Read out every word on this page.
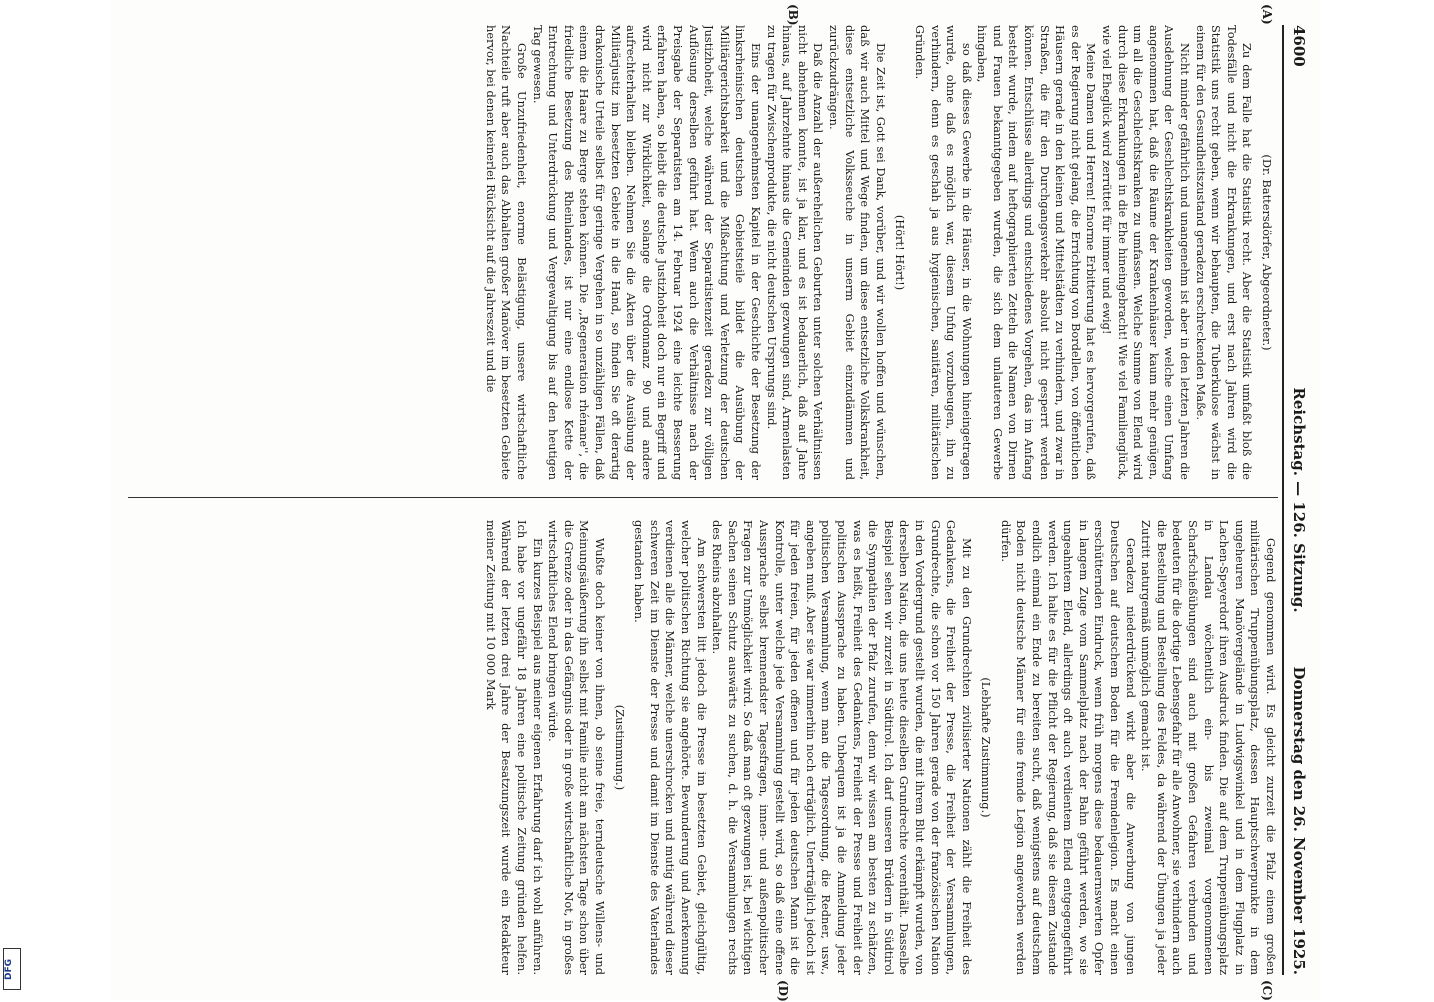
DFG
4600
Reichstag. — 126. Sitzung.
Donnerstag den 26. November 1925.
(A)
(B)
(C)
(D)

(Dr. Battersdörfer, Abgeordneter.)

Zu dem Falle hat die Statistik recht. Aber die Statistik umfaßt bloß die Todesfälle und nicht die Erkrankungen, und erst nach Jahren wird die Statistik uns recht geben, wenn wir behaupten, die Tuberkulose wächst in einem für den Gesundheitszustand geradezu erschreckenden Maße.

Nicht minder gefährlich und unangenehm ist aber in den letzten Jahren die Ausdehnung der Geschlechtskrankheiten geworden, welche einen Umfang angenommen hat, daß die Räume der Krankenhäuser kaum mehr genügen, um all die Geschlechtskranken zu umfassen. Welche Summe von Elend wird durch diese Erkrankungen in die Ehe hineingebracht! Wie viel Familienglück, wie viel Eheglück wird zerrüttet für immer und ewig!

Meine Damen und Herren! Enorme Erbitterung hat es hervorgerufen, daß es der Regierung nicht gelang, die Errichtung von Bordellen, von öffentlichen Häusern gerade in den kleinen und Mittelstädten zu verhindern, und zwar in Straßen, die für den Durchgangsverkehr absolut nicht gesperrt werden können. Entschlüsse allerdings und entschiedenes Vorgehen, das im Anfang besteht wurde, indem auf heftographierten Zetteln die Namen von Dirnen und Frauen bekanntgegeben wurden, die sich dem unlauteren Gewerbe hingaben,

so daß dieses Gewerbe in die Häuser, in die Wohnungen hineingetragen wurde, ohne daß es möglich war, diesem Unfug vorzubeugen, ihn zu verhindern, denn es geschah ja aus hygienischen, sanitären, militärischen Gründen.

(Hört! Hört!)

Die Zeit ist, Gott sei Dank, vorüber, und wir wollen hoffen und wünschen, daß wir auch Mittel und Wege finden, um diese entsetzliche Volkskrankheit, diese entsetzliche Volksseuche in unserm Gebiet einzudämmen und zurückzudrängen.

Daß die Anzahl der außerehelichen Geburten unter solchen Verhältnissen nicht abnehmen konnte, ist ja klar, und es ist bedauerlich, daß auf Jahre hinaus, auf Jahrzehnte hinaus die Gemeinden gezwungen sind, Armenlasten zu tragen für Zwischenprodukte, die nicht deutschen Ursprungs sind.

Eins der unangenehmsten Kapitel in der Geschichte der Besetzung der linksrheinischen deutschen Gebietsteile bildet die Ausübung der Militärgerichtsbarkeit und die Mißachtung und Verletzung der deutschen Justizhoheit, welche während der Separatistenzeit geradezu zur völligen Auflösung derselben geführt hat. Wenn auch die Verhältnisse nach der Preisgabe der Separatisten am 14. Februar 1924 eine leichte Besserung erfahren haben, so bleibt die deutsche Justizhoheit doch nur ein Begriff und wird nicht zur Wirklichkeit, solange die Ordonnanz 90 und andere aufrechterhalten bleiben. Nehmen Sie die Akten über die Ausübung der Militärjustiz im besetzten Gebiete in die Hand, so finden Sie oft derartig drakonische Urteile selbst für geringe Vergehen in so unzähligen Fällen, daß einem die Haare zu Berge stehen können. Die ,,Regeneration rhénane'', die friedliche Besetzung des Rheinlandes, ist nur eine endlose Kette der Entrechtung und Unterdrückung und Vergewaltigung bis auf den heutigen Tag gewesen.

Große Unzufriedenheit, enorme Belästigung, unsere wirtschaftliche Nachteile ruft aber auch das Abhalten großer Manöver im besetzten Gebiete hervor, bei denen keinerlei Rücksicht auf die Jahreszeit und die

Gegend genommen wird. Es gleicht zurzeit die Pfalz einem großen militärischen Truppenübungsplatz, dessen Hauptschwerpunkte in dem ungeheuren Manövergelände in Ludwigswinkel und in dem Flugplatz in Lachen-Speyerdorf ihren Ausdruck finden. Die auf dem Truppenübungsplatz in Landau wöchentlich ein- bis zweimal vorgenommenen Scharfschießübungen sind auch mit großen Gefahren verbunden und bedeuten für die dortige Lebensgefahr für alle Anwohner, sie verhindern auch die Bestellung und Bestellung des Feldes, da während der Übungen ja jeder Zutritt naturgemäß unmöglich gemacht ist.

Geradezu niederdrückend wirkt aber die Anwerbung von jungen Deutschen auf deutschem Boden für die Fremdenlegion. Es macht einen erschütternden Eindruck, wenn früh morgens diese bedauernswerten Opfer in langem Zuge vom Sammelplatz nach der Bahn geführt werden, wo sie ungeahntem Elend, allerdings oft auch verdientem Elend entgegengeführt werden. Ich halte es für die Pflicht der Regierung, daß sie diesem Zustande endlich einmal ein Ende zu bereiten sucht, daß wenigstens auf deutschem Boden nicht deutsche Männer für eine fremde Legion angeworben werden dürfen.

(Lebhafte Zustimmung.)

Mit zu den Grundrechten zivilisierter Nationen zählt die Freiheit des Gedankens, die Freiheit der Presse, die Freiheit der Versammlungen, Grundrechte, die schon vor 150 Jahren gerade von der französischen Nation in den Vordergrund gestellt wurden, die mit ihrem Blut erkämpft wurden, von derselben Nation, die uns heute dieselben Grundrechte vorenthält. Dasselbe Beispiel sehen wir zurzeit in Südtirol. Ich darf unseren Brüdern in Südtirol die Sympathien der Pfalz zurufen, denn wir wissen am besten zu schätzen, was es heißt, Freiheit des Gedankens, Freiheit der Presse und Freiheit der politischen Aussprache zu haben. Unbequem ist ja die Anmeldung jeder politischen Versammlung, wenn man die Tagesordnung, die Redner, usw., angeben muß. Aber sie war immerhin noch erträglich. Unerträglich jedoch ist für jeden freien, für jeden offenen und für jeden deutschen Mann ist die Kontrolle, unter welche jede Versammlung gestellt wird, so daß eine offene Aussprache selbst brennendster Tagesfragen, innen- und außenpolitischer Fragen zur Unmöglichkeit wird. So daß man oft gezwungen ist, bei wichtigen Sachen seinen Schutz auswärts zu suchen, d. h. die Versammlungen rechts des Rheins abzuhalten.

Am schwersten litt jedoch die Presse im besetzten Gebiet, gleichgültig, welcher politischen Richtung sie angehörte. Bewunderung und Anerkennung verdienen alle die Männer, welche unerschrocken und mutig während dieser schweren Zeit im Dienste der Presse und damit im Dienste des Vaterlandes gestanden haben.

(Zustimmung.)

Wußte doch keiner von ihnen, ob seine freie, terndeutsche Willens- und Meinungsäußerung ihn selbst mit Familie nicht am nächsten Tage schon über die Grenze oder in das Gefängnis oder in große wirtschaftliche Not, in großes wirtschaftliches Elend bringen würde.

Ein kurzes Beispiel aus meiner eigenen Erfahrung darf ich wohl anführen. Ich habe vor ungefähr 18 Jahren eine politische Zeitung gründen helfen. Während der letzten drei Jahre der Besatzungszeit wurde ein Redakteur meiner Zeitung mit 10 000 Mark
